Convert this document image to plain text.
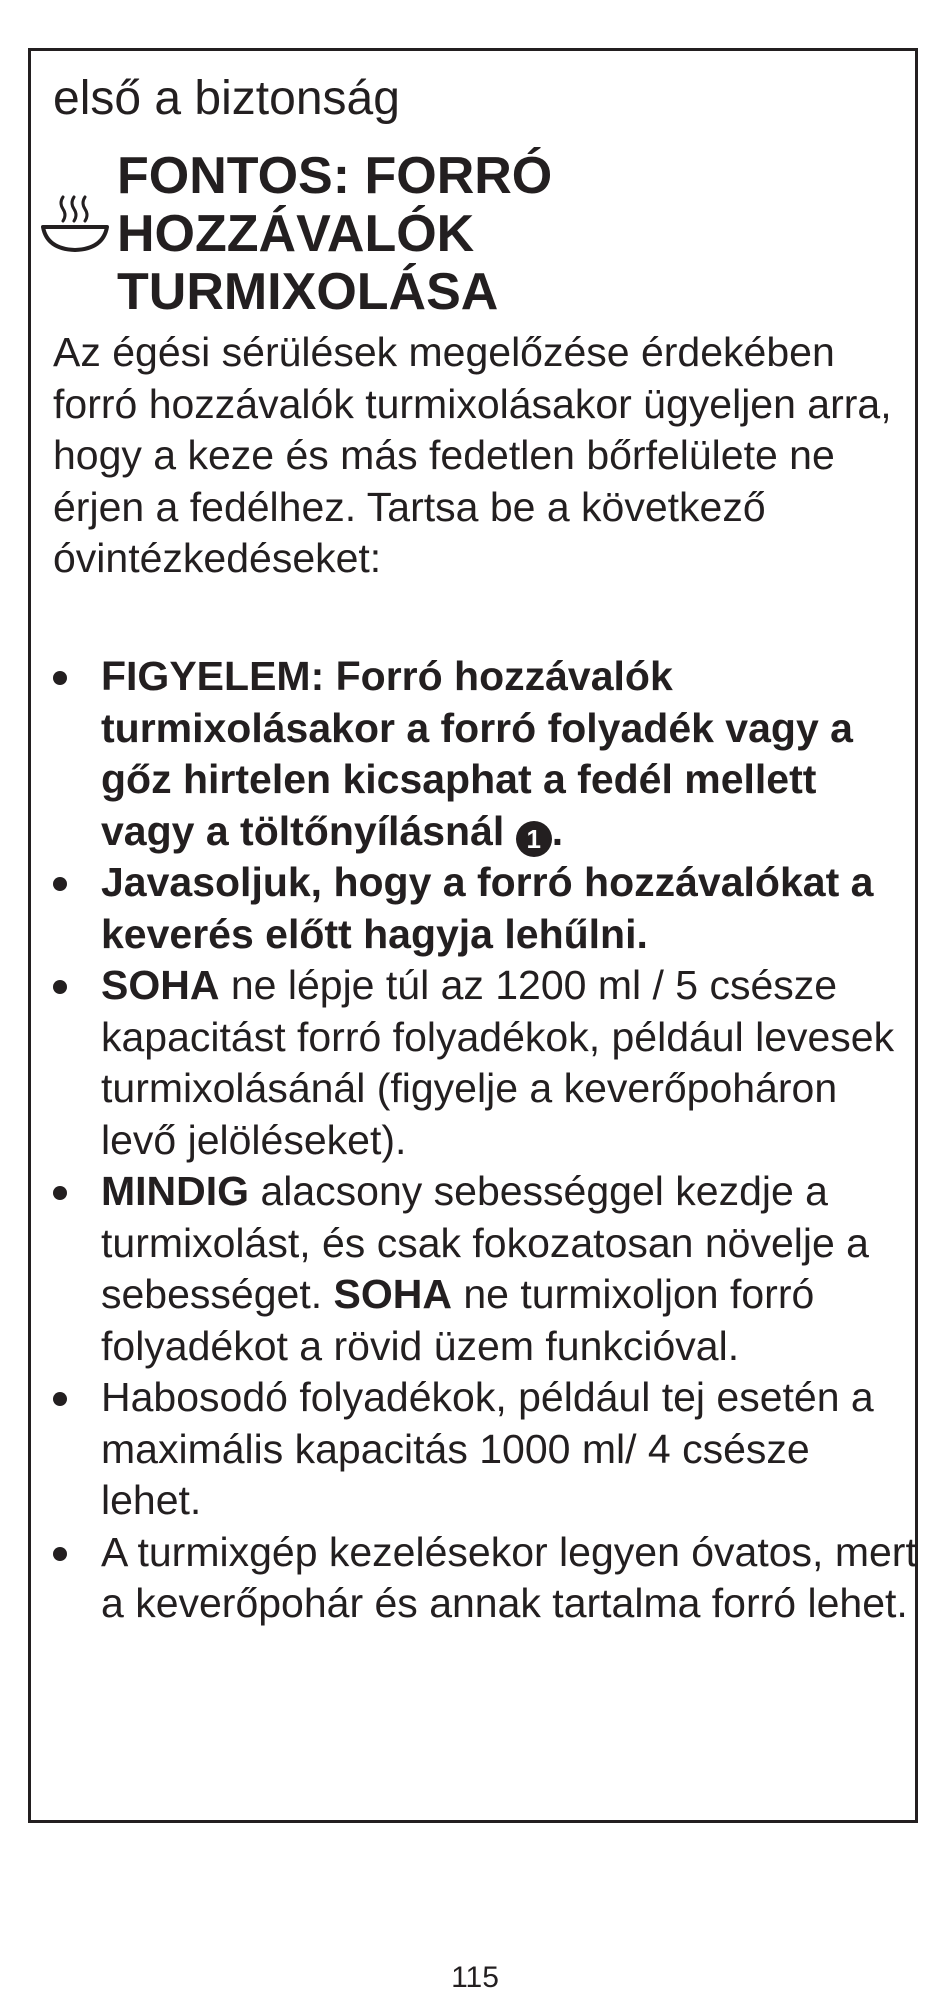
első a biztonság
FONTOS: FORRÓ HOZZÁVALÓK TURMIXOLÁSA

Az égési sérülések megelőzése érdekében forró hozzávalók turmixolásakor ügyeljen arra, hogy a keze és más fedetlen bőrfelülete ne érjen a fedélhez. Tartsa be a következő óvintézkedéseket:

FIGYELEM: Forró hozzávalók turmixolásakor a forró folyadék vagy a gőz hirtelen kicsaphat a fedél mellett vagy a töltőnyílásnál 1 .
Javasoljuk, hogy a forró hozzávalókat a keverés előtt hagyja lehűlni.
SOHA ne lépje túl az 1200 ml / 5 csésze kapacitást forró folyadékok, például levesek turmixolásánál (figyelje a keverőpoháron levő jelöléseket).
MINDIG alacsony sebességgel kezdje a turmixolást, és csak fokozatosan növelje a sebességet. SOHA ne turmixoljon forró folyadékot a rövid üzem funkcióval.
Habosodó folyadékok, például tej esetén a maximális kapacitás 1000 ml/ 4 csésze lehet.
A turmixgép kezelésekor legyen óvatos, mert a keverőpohár és annak tartalma forró lehet.
115
